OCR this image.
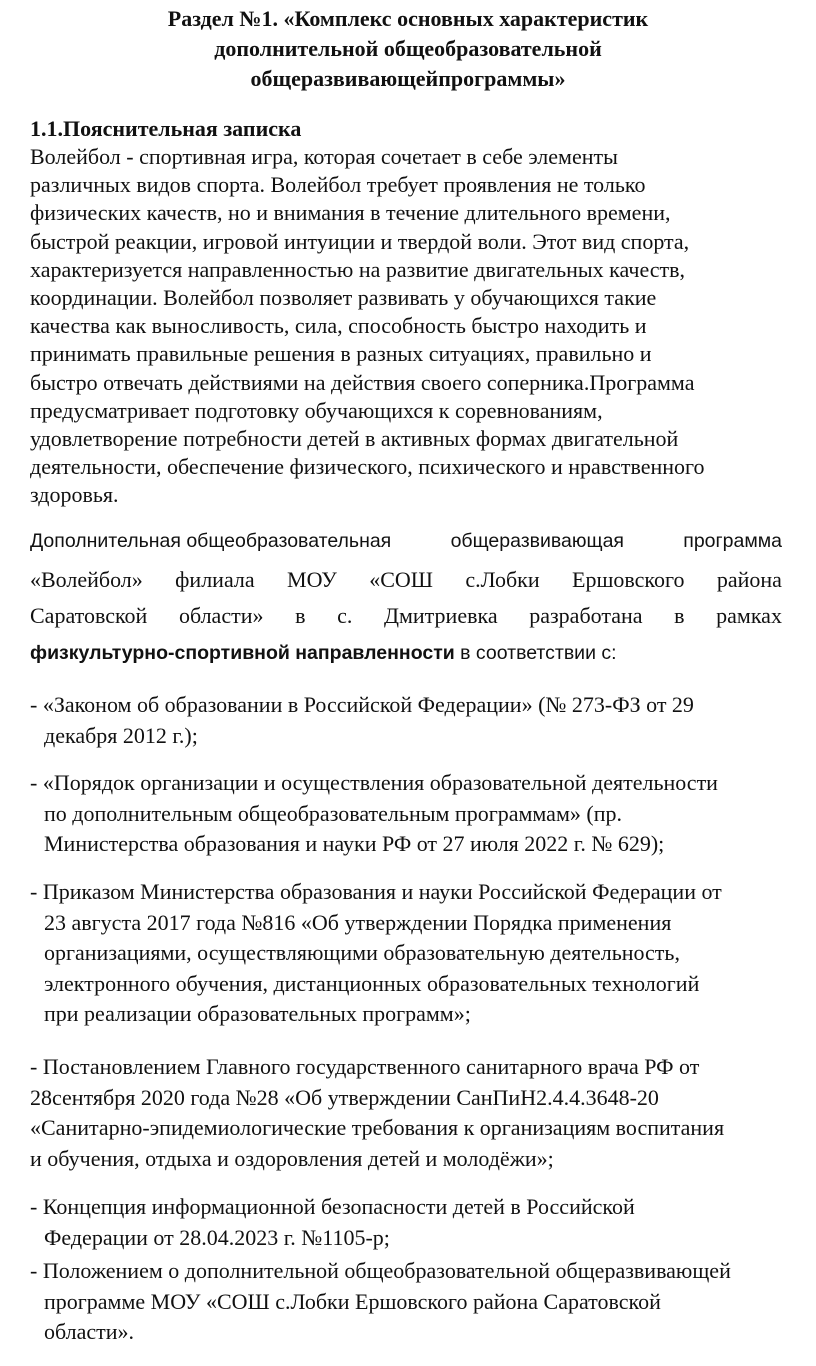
Раздел №1. «Комплекс основных характеристик
дополнительной общеобразовательной
общеразвивающейпрограммы»
1.1.Пояснительная записка
Волейбол - спортивная игра, которая сочетает в себе элементы
различных видов спорта. Волейбол требует проявления не только
физических качеств, но и внимания в течение длительного времени,
быстрой реакции, игровой интуиции и твердой воли. Этот вид спорта,
характеризуется направленностью на развитие двигательных качеств,
координации. Волейбол позволяет развивать у обучающихся такие
качества как выносливость, сила, способность быстро находить и
принимать правильные решения в разных ситуациях, правильно и
быстро отвечать действиями на действия своего соперника.Программа
предусматривает подготовку обучающихся к соревнованиям,
удовлетворение потребности детей в активных формах двигательной
деятельности, обеспечение физического, психического и нравственного
здоровья.
Дополнительная общеобразовательная	общеразвивающая	программа
«Волейбол» филиала МОУ «СОШ с.Лобки Ершовского района
Саратовской области» в с. Дмитриевка разработана в рамках
физкультурно-спортивной направленности в соответствии с:
- «Законом об образовании в Российской Федерации» (№ 273-ФЗ от 29
декабря 2012 г.);
- «Порядок организации и осуществления образовательной деятельности
по дополнительным общеобразовательным программам» (пр.
Министерства образования и науки РФ от 27 июля 2022 г. № 629);
- Приказом Министерства образования и науки Российской Федерации от
23 августа 2017 года №816 «Об утверждении Порядка применения
организациями, осуществляющими образовательную деятельность,
электронного обучения, дистанционных образовательных технологий
при реализации образовательных программ»;
- Постановлением Главного государственного санитарного врача РФ от
28сентября 2020 года №28 «Об утверждении СанПиН2.4.4.3648-20
«Санитарно-эпидемиологические требования к организациям воспитания
и обучения, отдыха и оздоровления детей и молодёжи»;
- Концепция информационной безопасности детей в Российской
Федерации от 28.04.2023 г. №1105-р;
- Положением о дополнительной общеобразовательной общеразвивающей
программе МОУ «СОШ с.Лобки Ершовского района Саратовской
области».
